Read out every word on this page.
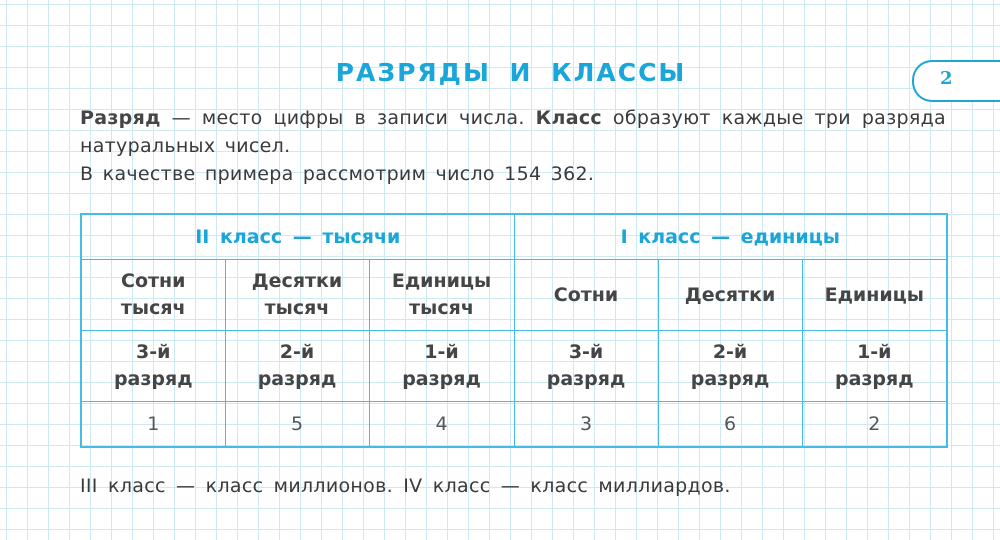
РАЗРЯДЫ И КЛАССЫ	2

Разряд — место цифры в записи числа. Класс образуют каждые три разряда натуральных чисел.

В качестве примера рассмотрим число 154 362.

II класс — тысячи			I класс — единицы		
Сотни тысяч	Десятки тысяч	Единицы тысяч	Сотни	Десятки	Единицы
3-й разряд	2-й разряд	1-й разряд	3-й разряд	2-й разряд	1-й разряд
1	5	4	3	6	2
III класс — класс миллионов. IV класс — класс миллиардов.
